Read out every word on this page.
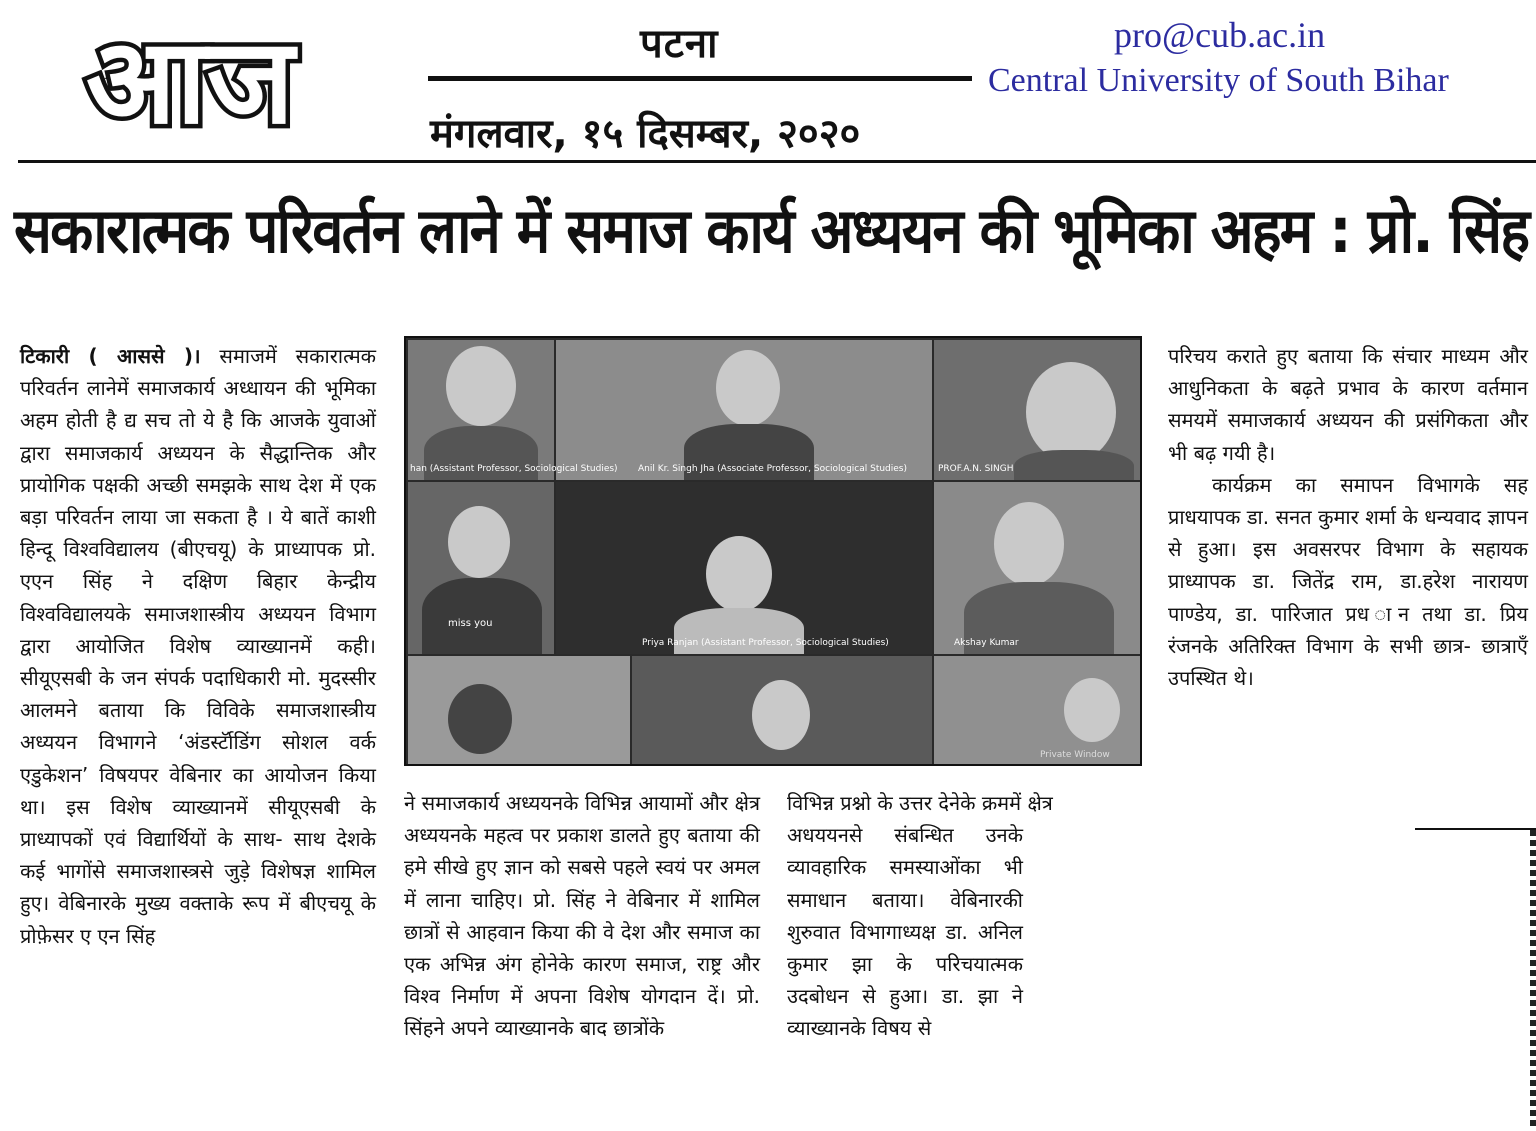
आज	पटना
मंगलवार, १५ दिसम्बर, २०२०
pro@cub.ac.in
Central University of South Bihar
सकारात्मक परिवर्तन लाने में समाज कार्य अध्ययन की भूमिका अहम : प्रो. सिंह
टिकारी ( आससे )। समाजमें सकारात्मक परिवर्तन लानेमें समाजकार्य अध्धायन की भूमिका अहम होती है द्य सच तो ये है कि आजके युवाओं द्वारा समाजकार्य अध्ययन के सैद्धान्तिक और प्रायोगिक पक्षकी अच्छी समझके साथ देश में एक बड़ा परिवर्तन लाया जा सकता है । ये बातें काशी हिन्दू विश्वविद्यालय (बीएचयू) के प्राध्यापक प्रो. एएन सिंह ने दक्षिण बिहार केन्द्रीय विश्वविद्यालयके समाजशास्त्रीय अध्ययन विभाग द्वारा आयोजित विशेष व्याख्यानमें कही। सीयूएसबी के जन संपर्क पदाधिकारी मो. मुदस्सीर आलमने बताया कि विविके समाजशास्त्रीय अध्ययन विभागने ‘अंडर्स्टॅाडिंग सोशल वर्क एडुकेशन’ विषयपर वेबिनार का आयोजन किया था। इस विशेष व्याख्यानमें सीयूएसबी के प्राध्यापकों एवं विद्यार्थियों के साथ- साथ देशके कई भागोंसे समाजशास्त्रसे जुड़े विशेषज्ञ शामिल हुए। वेबिनारके मुख्य वक्ताके रूप में बीएचयू के प्रोफ़ेसर ए एन सिंह
han (Assistant Professor, Sociological Studies) Anil Kr. Singh Jha (Associate Professor, Sociological Studies)	PROF.A.N. SINGH
miss you
Priya Ranjan (Assistant Professor, Sociological Studies)	Akshay Kumar
Private Window
ने समाजकार्य अध्ययनके विभिन्न आयामों और क्षेत्र अध्ययनके महत्व पर प्रकाश डालते हुए बताया की हमे सीखे हुए ज्ञान को सबसे पहले स्वयं पर अमल में लाना चाहिए। प्रो. सिंह ने वेबिनार में शामिल छात्रों से आहवान किया की वे देश और समाज का एक अभिन्न अंग होनेके कारण समाज, राष्ट्र और विश्व निर्माण में अपना विशेष योगदान दें। प्रो. सिंहने अपने व्याख्यानके बाद छात्रोंके
विभिन्न प्रश्नो के उत्तर देनेके क्रममें क्षेत्र
अधययनसे संबन्धित उनके व्यावहारिक समस्याओंका भी समाधान बताया। वेबिनारकी शुरुवात विभागाध्यक्ष डा. अनिल कुमार झा के परिचयात्मक उदबोधन से हुआ। डा. झा ने व्याख्यानके विषय से

परिचय कराते हुए बताया कि संचार माध्यम और आधुनिकता के बढ़ते प्रभाव के कारण वर्तमान समयमें समाजकार्य अध्ययन की प्रसंगिकता और भी बढ़ गयी है।

कार्यक्रम का समापन विभागके सह प्राधयापक डा. सनत कुमार शर्मा के धन्यवाद ज्ञापन से हुआ। इस अवसरपर विभाग के सहायक प्राध्यापक डा. जितेंद्र राम, डा.हरेश नारायण पाण्डेय, डा. पारिजात प्रध ान तथा डा. प्रिय रंजनके अतिरिक्त विभाग के सभी छात्र- छात्राएँ उपस्थित थे।
